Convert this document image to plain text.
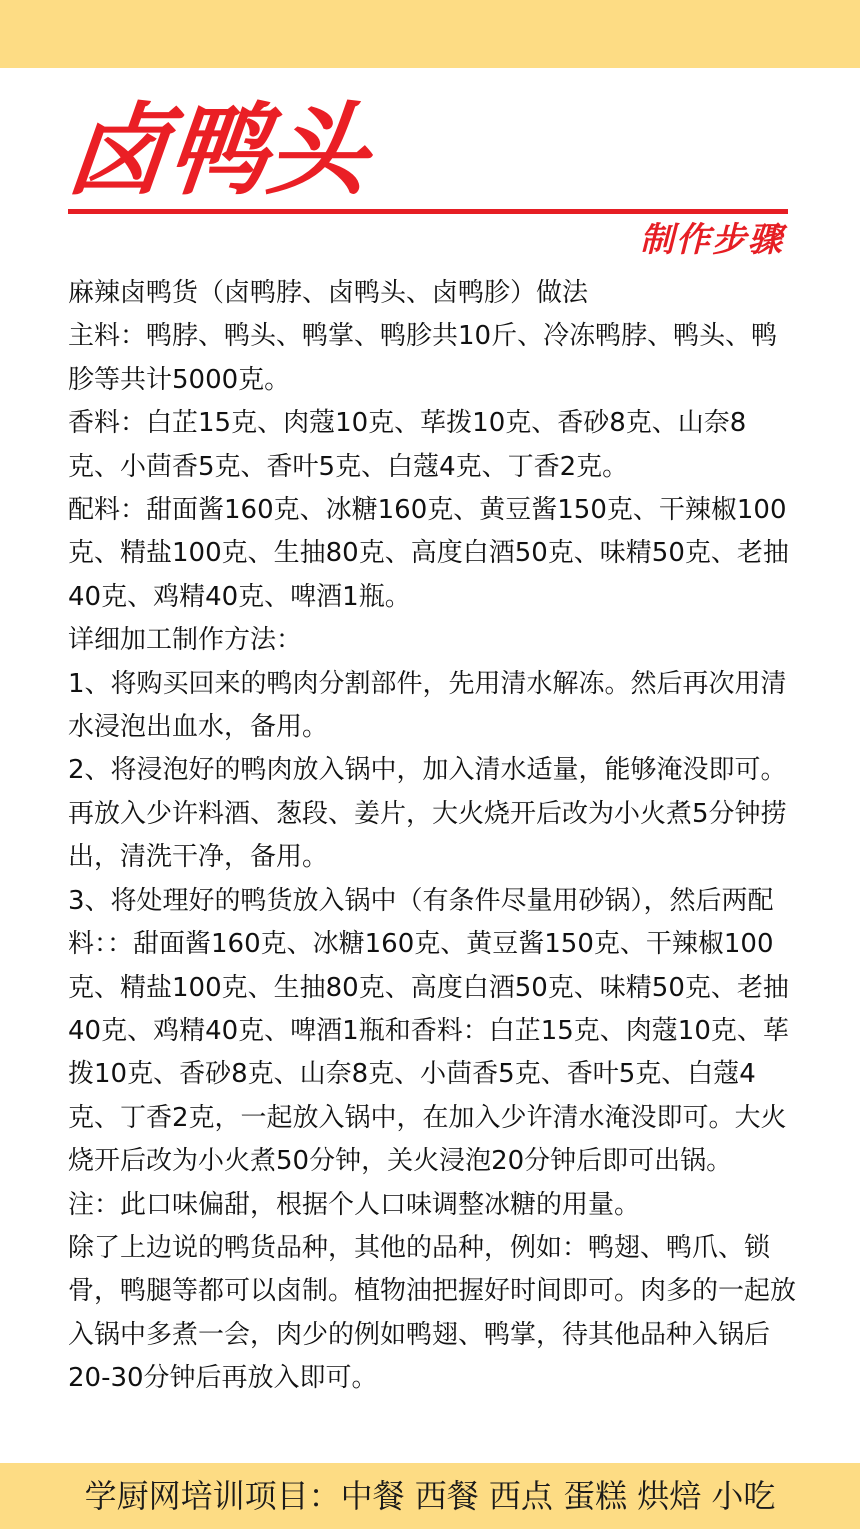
卤鸭头
制作步骤

麻辣卤鸭货（卤鸭脖、卤鸭头、卤鸭胗）做法

主料：鸭脖、鸭头、鸭掌、鸭胗共10斤、冷冻鸭脖、鸭头、鸭胗等共计5000克。

香料：白芷15克、肉蔻10克、荜拨10克、香砂8克、山奈8克、小茴香5克、香叶5克、白蔻4克、丁香2克。

配料：甜面酱160克、冰糖160克、黄豆酱150克、干辣椒100克、精盐100克、生抽80克、高度白酒50克、味精50克、老抽40克、鸡精40克、啤酒1瓶。

详细加工制作方法：

1、将购买回来的鸭肉分割部件，先用清水解冻。然后再次用清水浸泡出血水，备用。

2、将浸泡好的鸭肉放入锅中，加入清水适量，能够淹没即可。再放入少许料酒、葱段、姜片，大火烧开后改为小火煮5分钟捞出，清洗干净，备用。

3、将处理好的鸭货放入锅中（有条件尽量用砂锅），然后两配料：：甜面酱160克、冰糖160克、黄豆酱150克、干辣椒100克、精盐100克、生抽80克、高度白酒50克、味精50克、老抽40克、鸡精40克、啤酒1瓶和香料：白芷15克、肉蔻10克、荜拨10克、香砂8克、山奈8克、小茴香5克、香叶5克、白蔻4克、丁香2克，一起放入锅中，在加入少许清水淹没即可。大火烧开后改为小火煮50分钟，关火浸泡20分钟后即可出锅。

注：此口味偏甜，根据个人口味调整冰糖的用量。

除了上边说的鸭货品种，其他的品种，例如：鸭翅、鸭爪、锁骨，鸭腿等都可以卤制。植物油把握好时间即可。肉多的一起放入锅中多煮一会，肉少的例如鸭翅、鸭掌，待其他品种入锅后20-30分钟后再放入即可。

学厨网培训项目：中餐 西餐 西点 蛋糕 烘焙 小吃
